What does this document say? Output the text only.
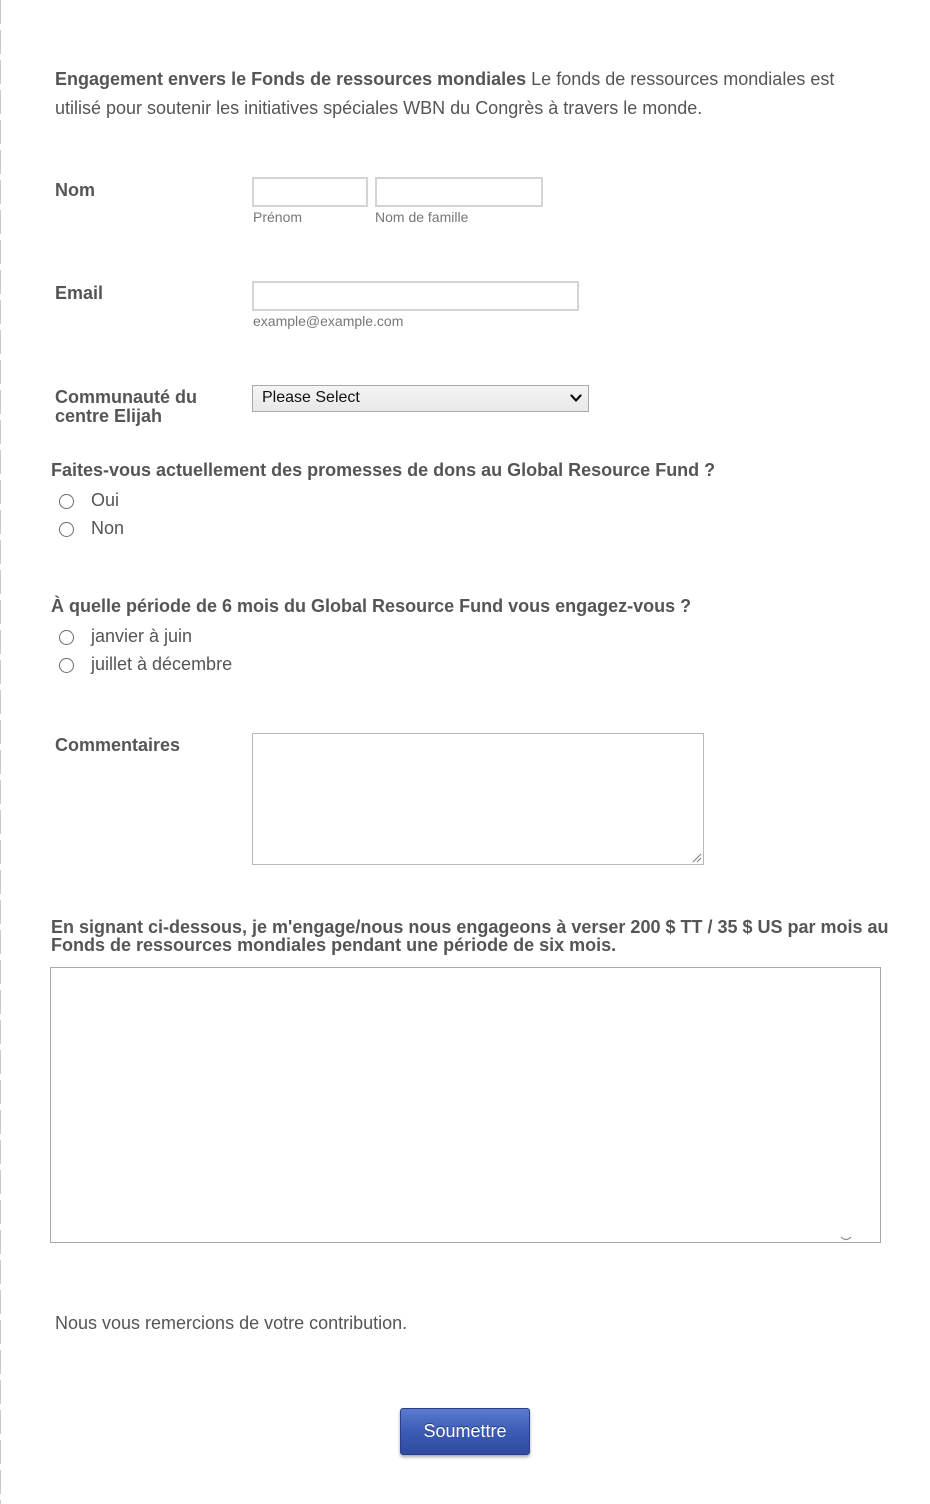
Engagement envers le Fonds de ressources mondiales Le fonds de ressources mondiales est utilisé pour soutenir les initiatives spéciales WBN du Congrès à travers le monde.
Nom
Prénom	Nom de famille
Email
example@example.com
Communauté du
centre Elijah
Please Select
Faites-vous actuellement des promesses de dons au Global Resource Fund ?
Oui
Non
À quelle période de 6 mois du Global Resource Fund vous engagez-vous ?
janvier à juin
juillet à décembre
Commentaires
En signant ci-dessous, je m'engage/nous nous engageons à verser 200 $ TT / 35 $ US par mois au Fonds de ressources mondiales pendant une période de six mois.
Nous vous remercions de votre contribution.
Soumettre
